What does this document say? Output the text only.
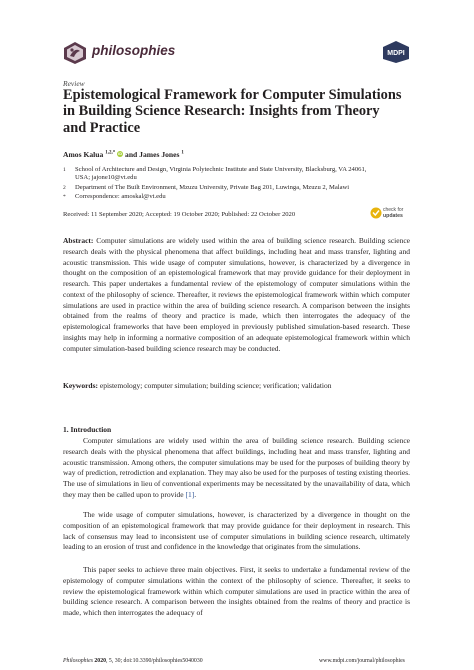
philosophies	MDPI
Review
Epistemological Framework for Computer Simulations in Building Science Research: Insights from Theory and Practice
Amos Kalua $^{1,2,*}$ iD and James Jones $^1$
1 School of Architecture and Design, Virginia Polytechnic Institute and State University, Blacksburg, VA 24061, USA; jajone10@vt.edu
2 Department of The Built Environment, Mzuzu University, Private Bag 201, Luwinga, Mzuzu 2, Malawi
* Correspondence: amoskal@vt.edu
Received: 11 September 2020; Accepted: 19 October 2020; Published: 22 October 2020
check for
updates

Abstract: Computer simulations are widely used within the area of building science research. Building science research deals with the physical phenomena that affect buildings, including heat and mass transfer, lighting and acoustic transmission. This wide usage of computer simulations, however, is characterized by a divergence in thought on the composition of an epistemological framework that may provide guidance for their deployment in research. This paper undertakes a fundamental review of the epistemology of computer simulations within the context of the philosophy of science. Thereafter, it reviews the epistemological framework within which computer simulations are used in practice within the area of building science research. A comparison between the insights obtained from the realms of theory and practice is made, which then interrogates the adequacy of the epistemological frameworks that have been employed in previously published simulation-based research. These insights may help in informing a normative composition of an adequate epistemological framework within which computer simulation-based building science research may be conducted.

Keywords: epistemology; computer simulation; building science; verification; validation
1. Introduction

Computer simulations are widely used within the area of building science research. Building science research deals with the physical phenomena that affect buildings, including heat and mass transfer, lighting and acoustic transmission. Among others, the computer simulations may be used for the purposes of building theory by way of prediction, retrodiction and explanation. They may also be used for the purposes of testing existing theories. The use of simulations in lieu of conventional experiments may be necessitated by the unavailability of data, which they may then be called upon to provide [1].

The wide usage of computer simulations, however, is characterized by a divergence in thought on the composition of an epistemological framework that may provide guidance for their deployment in research. This lack of consensus may lead to inconsistent use of computer simulations in building science research, ultimately leading to an erosion of trust and confidence in the knowledge that originates from the simulations.

This paper seeks to achieve three main objectives. First, it seeks to undertake a fundamental review of the epistemology of computer simulations within the context of the philosophy of science. Thereafter, it seeks to review the epistemological framework within which computer simulations are used in practice within the area of building science research. A comparison between the insights obtained from the realms of theory and practice is made, which then interrogates the adequacy of

Philosophies 2020, 5, 30; doi:10.3390/philosophies5040030	www.mdpi.com/journal/philosophies
